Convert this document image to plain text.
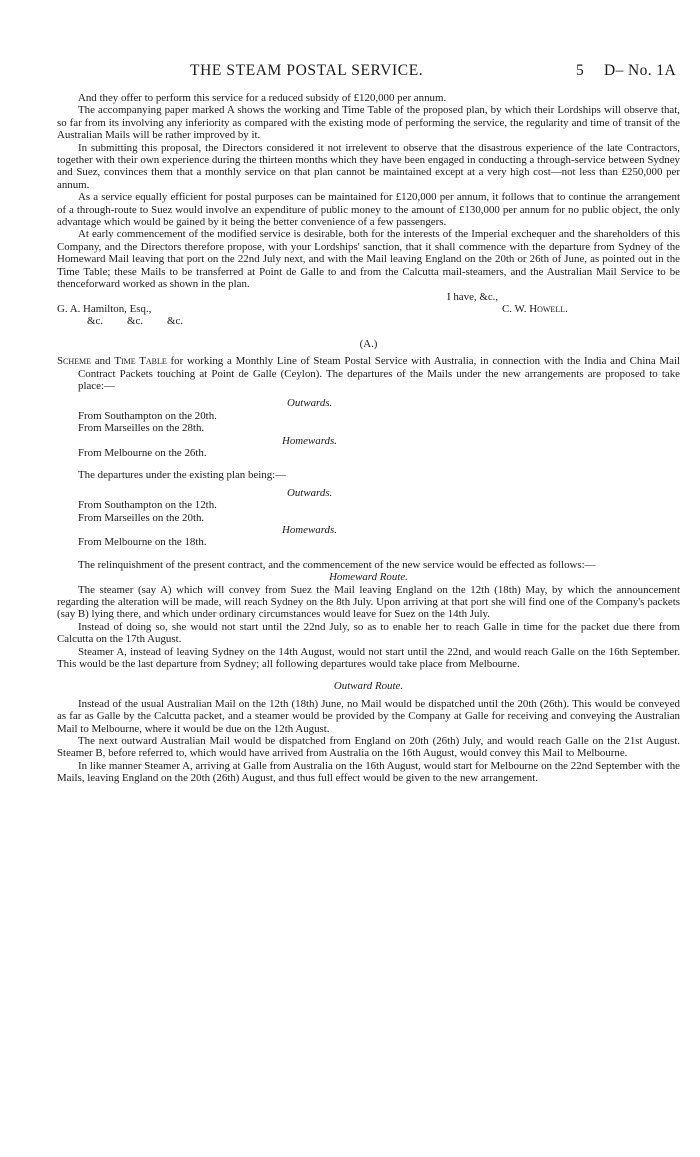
THE STEAM POSTAL SERVICE.	5 D– No. 1A

And they offer to perform this service for a reduced subsidy of £120,000 per annum.

The accompanying paper marked A shows the working and Time Table of the proposed plan, by which their Lordships will observe that, so far from its involving any inferiority as compared with the existing mode of performing the service, the regularity and time of transit of the Australian Mails will be rather improved by it.

In submitting this proposal, the Directors considered it not irrelevent to observe that the disastrous experience of the late Contractors, together with their own experience during the thirteen months which they have been engaged in conducting a through-service between Sydney and Suez, convinces them that a monthly service on that plan cannot be maintained except at a very high cost—not less than £250,000 per annum.

As a service equally efficient for postal purposes can be maintained for £120,000 per annum, it follows that to continue the arrangement of a through-route to Suez would involve an expenditure of public money to the amount of £130,000 per annum for no public object, the only advantage which would be gained by it being the better convenience of a few passengers.

At early commencement of the modified service is desirable, both for the interests of the Imperial exchequer and the shareholders of this Company, and the Directors therefore propose, with your Lordships' sanction, that it shall commence with the departure from Sydney of the Homeward Mail leaving that port on the 22nd July next, and with the Mail leaving England on the 20th or 26th of June, as pointed out in the Time Table; these Mails to be transferred at Point de Galle to and from the Calcutta mail-steamers, and the Australian Mail Service to be thenceforward worked as shown in the plan.

I have, &c.,
G. A. Hamilton, Esq.,	C. W. Howell.

&c. &c. &c.

(A.)

Scheme and Time Table for working a Monthly Line of Steam Postal Service with Australia, in connection with the India and China Mail Contract Packets touching at Point de Galle (Ceylon). The departures of the Mails under the new arrangements are proposed to take place:—

Outwards.

From Southampton on the 20th.

From Marseilles on the 28th.

Homewards.

From Melbourne on the 26th.

The departures under the existing plan being:—

Outwards.

From Southampton on the 12th.

From Marseilles on the 20th.

Homewards.

From Melbourne on the 18th.

The relinquishment of the present contract, and the commencement of the new service would be effected as follows:—

Homeward Route.

The steamer (say A) which will convey from Suez the Mail leaving England on the 12th (18th) May, by which the announcement regarding the alteration will be made, will reach Sydney on the 8th July. Upon arriving at that port she will find one of the Company's packets (say B) lying there, and which under ordinary circumstances would leave for Suez on the 14th July.

Instead of doing so, she would not start until the 22nd July, so as to enable her to reach Galle in time for the packet due there from Calcutta on the 17th August.

Steamer A, instead of leaving Sydney on the 14th August, would not start until the 22nd, and would reach Galle on the 16th September. This would be the last departure from Sydney; all following departures would take place from Melbourne.

Outward Route.

Instead of the usual Australian Mail on the 12th (18th) June, no Mail would be dispatched until the 20th (26th). This would be conveyed as far as Galle by the Calcutta packet, and a steamer would be provided by the Company at Galle for receiving and conveying the Australian Mail to Melbourne, where it would be due on the 12th August.

The next outward Australian Mail would be dispatched from England on 20th (26th) July, and would reach Galle on the 21st August. Steamer B, before referred to, which would have arrived from Australia on the 16th August, would convey this Mail to Melbourne.

In like manner Steamer A, arriving at Galle from Australia on the 16th August, would start for Melbourne on the 22nd September with the Mails, leaving England on the 20th (26th) August, and thus full effect would be given to the new arrangement.
